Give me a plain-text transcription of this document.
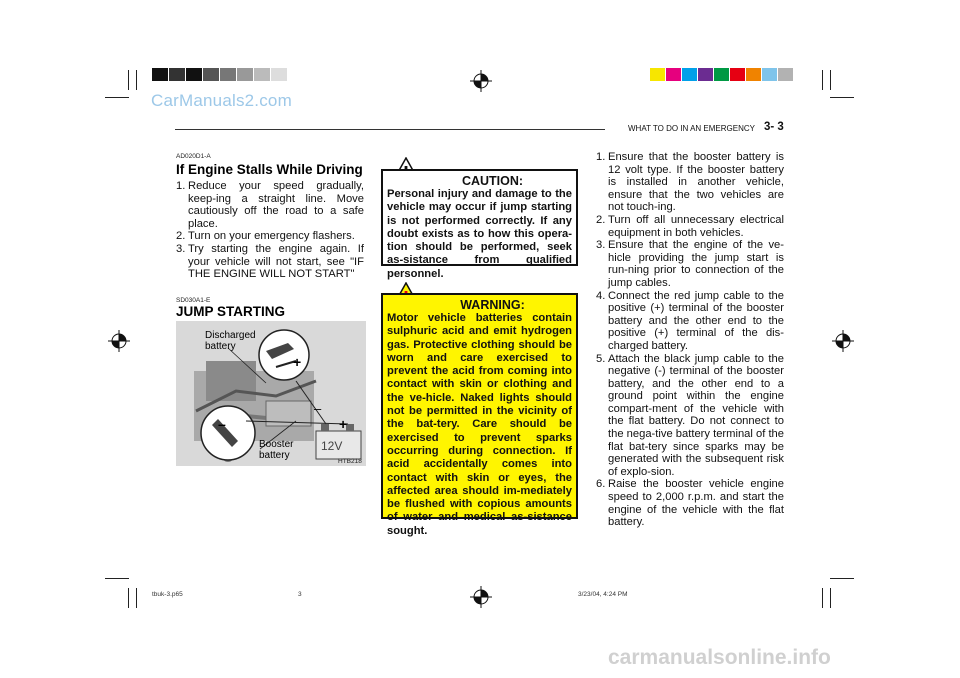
CarManuals2.com
WHAT TO DO IN AN EMERGENCY 3- 3
AD020D1-A
If Engine Stalls While Driving
1. Reduce your speed gradually, keep-ing a straight line. Move cautiously off the road to a safe place.
2. Turn on your emergency flashers.
3. Try starting the engine again. If your vehicle will not start, see "IF THE ENGINE WILL NOT START"
SD030A1-E
JUMP STARTING
Discharged
battery
+
–
–
+
Booster
battery
12V
HTB218
CAUTION:
Personal injury and damage to the vehicle may occur if jump starting is not performed correctly. If any doubt exists as to how this opera-tion should be performed, seek as-sistance from qualified personnel.
WARNING:
Motor vehicle batteries contain sulphuric acid and emit hydrogen gas. Protective clothing should be worn and care exercised to prevent the acid from coming into contact with skin or clothing and the ve-hicle. Naked lights should not be permitted in the vicinity of the bat-tery. Care should be exercised to prevent sparks occurring during connection. If acid accidentally comes into contact with skin or eyes, the affected area should im-mediately be flushed with copious amounts of water and medical as-sistance sought.
1. Ensure that the booster battery is 12 volt type. If the booster battery is installed in another vehicle, ensure that the two vehicles are not touch-ing.
2. Turn off all unnecessary electrical equipment in both vehicles.
3. Ensure that the engine of the ve-hicle providing the jump start is run-ning prior to connection of the jump cables.
4. Connect the red jump cable to the positive (+) terminal of the booster battery and the other end to the positive (+) terminal of the dis-charged battery.
5. Attach the black jump cable to the negative (-) terminal of the booster battery, and the other end to a ground point within the engine compart-ment of the vehicle with the flat battery. Do not connect to the nega-tive battery terminal of the flat bat-tery since sparks may be generated with the subsequent risk of explo-sion.
6. Raise the booster vehicle engine speed to 2,000 r.p.m. and start the engine of the vehicle with the flat battery.
tbuk-3.p65	3	3/23/04, 4:24 PM
carmanualsonline.info
